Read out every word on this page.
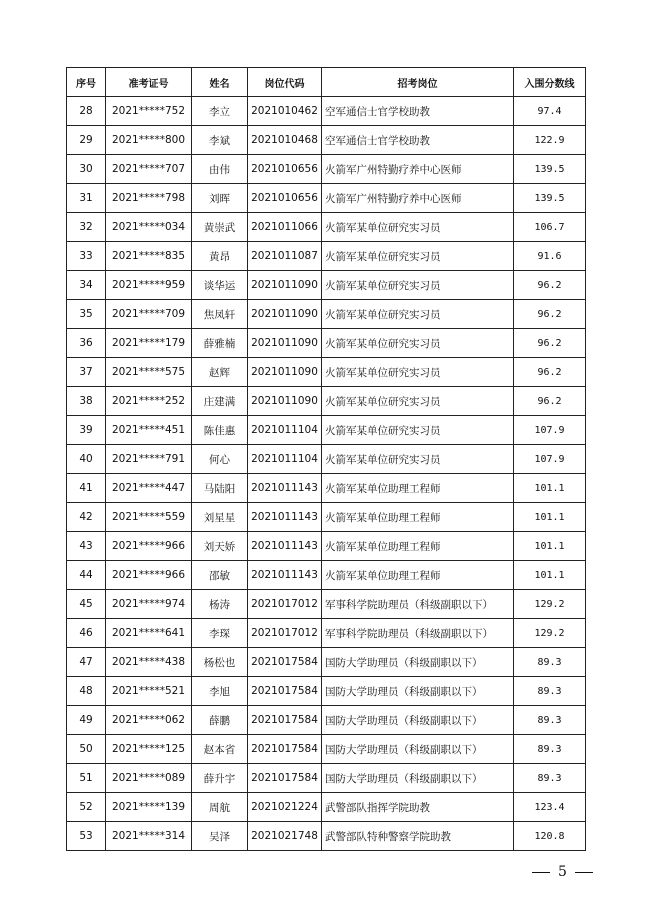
序号	准考证号	姓名	岗位代码	招考岗位	入围分数线
28	2021*****752	李立	2021010462	空军通信士官学校助教	97.4
29	2021*****800	李斌	2021010468	空军通信士官学校助教	122.9
30	2021*****707	由伟	2021010656	火箭军广州特勤疗养中心医师	139.5
31	2021*****798	刘晖	2021010656	火箭军广州特勤疗养中心医师	139.5
32	2021*****034	黄崇武	2021011066	火箭军某单位研究实习员	106.7
33	2021*****835	黄昂	2021011087	火箭军某单位研究实习员	91.6
34	2021*****959	谈华运	2021011090	火箭军某单位研究实习员	96.2
35	2021*****709	焦凤轩	2021011090	火箭军某单位研究实习员	96.2
36	2021*****179	薛雅楠	2021011090	火箭军某单位研究实习员	96.2
37	2021*****575	赵辉	2021011090	火箭军某单位研究实习员	96.2
38	2021*****252	庄建满	2021011090	火箭军某单位研究实习员	96.2
39	2021*****451	陈佳惠	2021011104	火箭军某单位研究实习员	107.9
40	2021*****791	何心	2021011104	火箭军某单位研究实习员	107.9
41	2021*****447	马陆阳	2021011143	火箭军某单位助理工程师	101.1
42	2021*****559	刘星星	2021011143	火箭军某单位助理工程师	101.1
43	2021*****966	刘天娇	2021011143	火箭军某单位助理工程师	101.1
44	2021*****966	邵敏	2021011143	火箭军某单位助理工程师	101.1
45	2021*****974	杨涛	2021017012	军事科学院助理员（科级副职以下）	129.2
46	2021*****641	李琛	2021017012	军事科学院助理员（科级副职以下）	129.2
47	2021*****438	杨松也	2021017584	国防大学助理员（科级副职以下）	89.3
48	2021*****521	李旭	2021017584	国防大学助理员（科级副职以下）	89.3
49	2021*****062	薛鹏	2021017584	国防大学助理员（科级副职以下）	89.3
50	2021*****125	赵本省	2021017584	国防大学助理员（科级副职以下）	89.3
51	2021*****089	薛升宇	2021017584	国防大学助理员（科级副职以下）	89.3
52	2021*****139	周航	2021021224	武警部队指挥学院助教	123.4
53	2021*****314	吴泽	2021021748	武警部队特种警察学院助教	120.8
5
